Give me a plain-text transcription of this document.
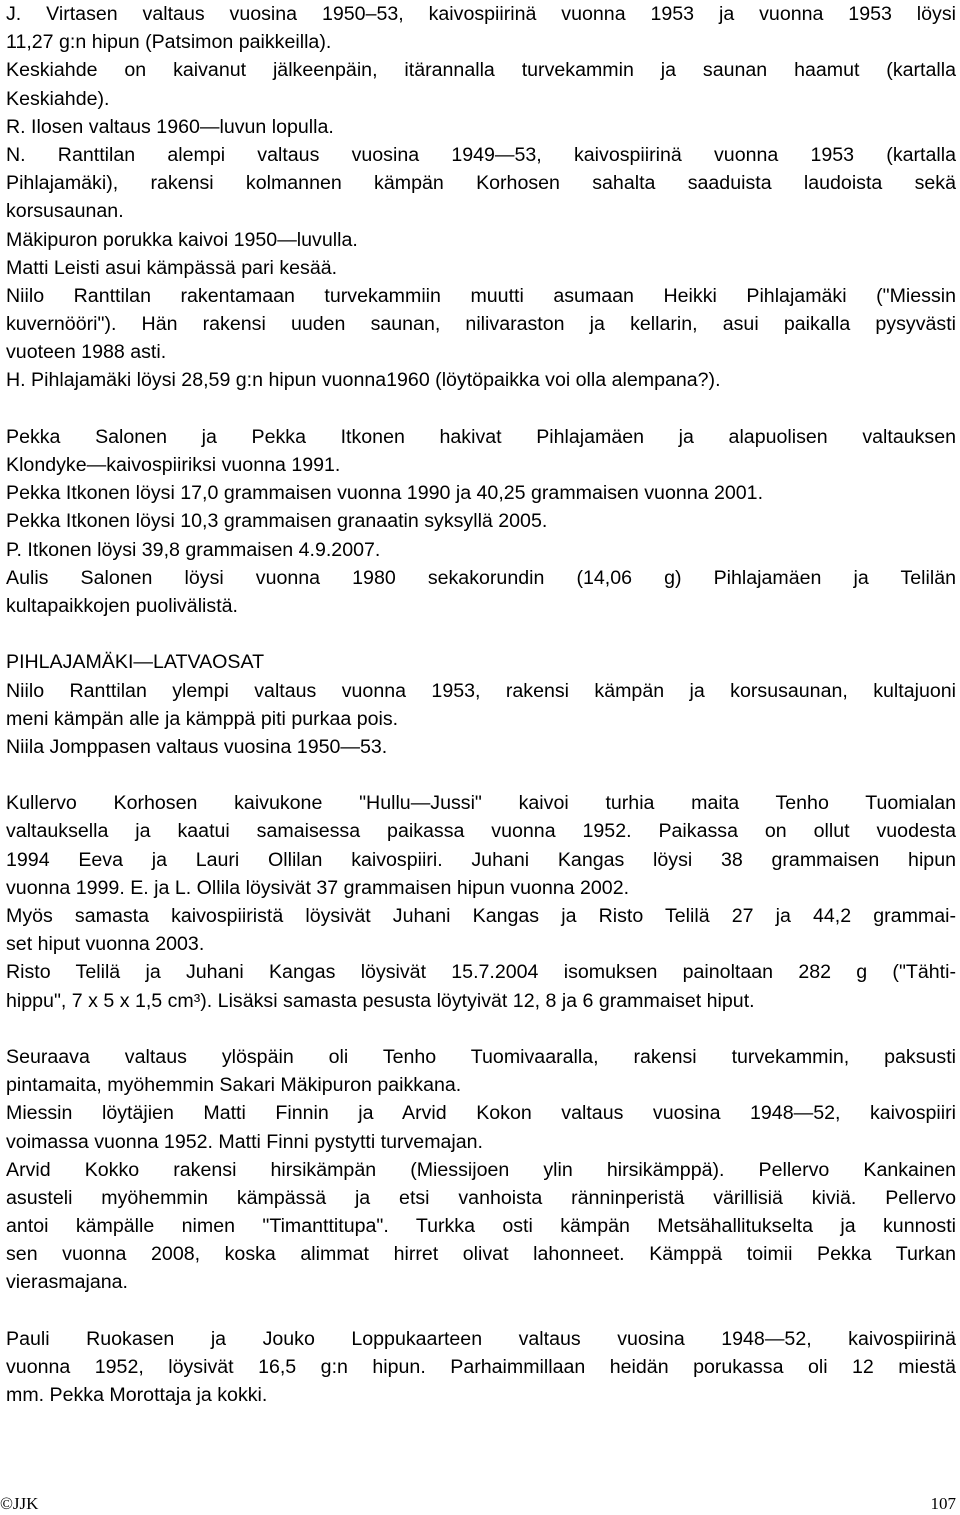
J. Virtasen valtaus vuosina 1950–53, kaivospiirinä vuonna 1953 ja vuonna 1953 löysi
11,27 g:n hipun (Patsimon paikkeilla).
Keskiahde on kaivanut jälkeenpäin, itärannalla turvekammin ja saunan haamut (kartalla
Keskiahde).
R. Ilosen valtaus 1960—luvun lopulla.
N. Ranttilan alempi valtaus vuosina 1949—53, kaivospiirinä vuonna 1953 (kartalla
Pihlajamäki), rakensi kolmannen kämpän Korhosen sahalta saaduista laudoista sekä
korsusaunan.
Mäkipuron porukka kaivoi 1950—luvulla.
Matti Leisti asui kämpässä pari kesää.
Niilo Ranttilan rakentamaan turvekammiin muutti asumaan Heikki Pihlajamäki ("Miessin
kuvernööri"). Hän rakensi uuden saunan, nilivaraston ja kellarin, asui paikalla pysyvästi
vuoteen 1988 asti.
H. Pihlajamäki löysi 28,59 g:n hipun vuonna1960 (löytöpaikka voi olla alempana?).
Pekka Salonen ja Pekka Itkonen hakivat Pihlajamäen ja alapuolisen valtauksen
Klondyke—kaivospiiriksi vuonna 1991.
Pekka Itkonen löysi 17,0 grammaisen vuonna 1990 ja 40,25 grammaisen vuonna 2001.
Pekka Itkonen löysi 10,3 grammaisen granaatin syksyllä 2005.
P. Itkonen löysi 39,8 grammaisen 4.9.2007.
Aulis Salonen löysi vuonna 1980 sekakorundin (14,06 g) Pihlajamäen ja Telilän
kultapaikkojen puolivälistä.
PIHLAJAMÄKI—LATVAOSAT
Niilo Ranttilan ylempi valtaus vuonna 1953, rakensi kämpän ja korsusaunan, kultajuoni
meni kämpän alle ja kämppä piti purkaa pois.
Niila Jomppasen valtaus vuosina 1950—53.
Kullervo Korhosen kaivukone "Hullu—Jussi" kaivoi turhia maita Tenho Tuomialan
valtauksella ja kaatui samaisessa paikassa vuonna 1952. Paikassa on ollut vuodesta
1994 Eeva ja Lauri Ollilan kaivospiiri. Juhani Kangas löysi 38 grammaisen hipun
vuonna 1999. E. ja L. Ollila löysivät 37 grammaisen hipun vuonna 2002.
Myös samasta kaivospiiristä löysivät Juhani Kangas ja Risto Telilä 27 ja 44,2 grammai-
set hiput vuonna 2003.
Risto Telilä ja Juhani Kangas löysivät 15.7.2004 isomuksen painoltaan 282 g ("Tähti-
hippu", 7 x 5 x 1,5 cm³). Lisäksi samasta pesusta löytyivät 12, 8 ja 6 grammaiset hiput.
Seuraava valtaus ylöspäin oli Tenho Tuomivaaralla, rakensi turvekammin, paksusti
pintamaita, myöhemmin Sakari Mäkipuron paikkana.
Miessin löytäjien Matti Finnin ja Arvid Kokon valtaus vuosina 1948—52, kaivospiiri
voimassa vuonna 1952. Matti Finni pystytti turvemajan.
Arvid Kokko rakensi hirsikämpän (Miessijoen ylin hirsikämppä). Pellervo Kankainen
asusteli myöhemmin kämpässä ja etsi vanhoista ränninperistä värillisiä kiviä. Pellervo
antoi kämpälle nimen "Timanttitupa". Turkka osti kämpän Metsähallitukselta ja kunnosti
sen vuonna 2008, koska alimmat hirret olivat lahonneet. Kämppä toimii Pekka Turkan
vierasmajana.
Pauli Ruokasen ja Jouko Loppukaarteen valtaus vuosina 1948—52, kaivospiirinä
vuonna 1952, löysivät 16,5 g:n hipun. Parhaimmillaan heidän porukassa oli 12 miestä
mm. Pekka Morottaja ja kokki.
©JJK	107
